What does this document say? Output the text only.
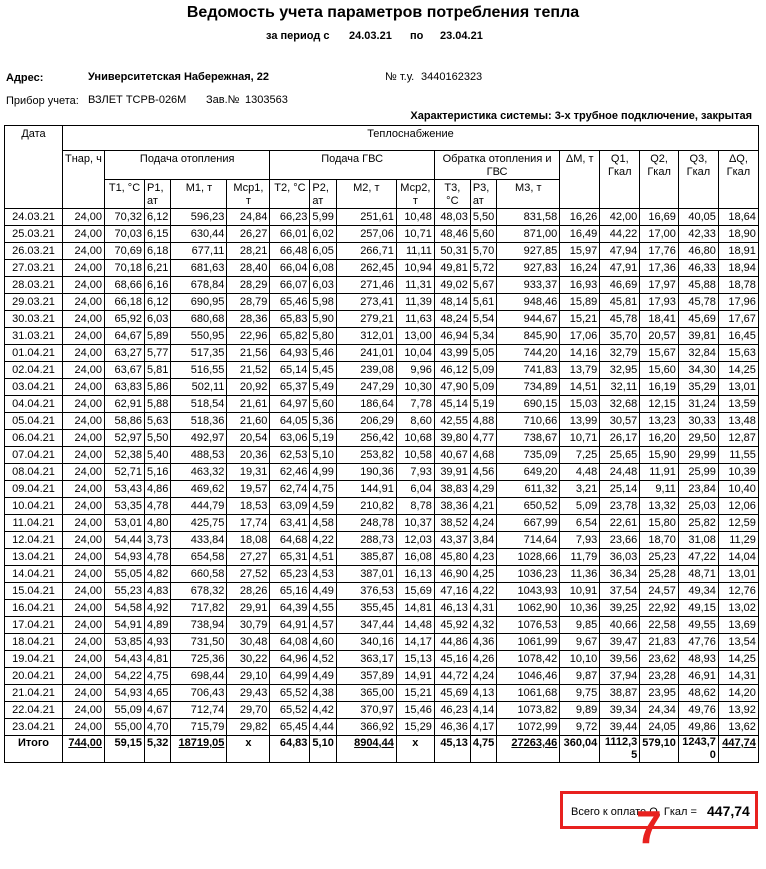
Ведомость учета параметров потребления тепла
за период с 24.03.21 по 23.04.21
Адрес:	Университетская Набережная, 22	№ т.у. 3440162323
Прибор учета: ВЗЛЕТ ТСРВ-026М Зав.№ 1303563
Характеристика системы: 3-х трубное подключение, закрытая
Дата	Теплоснабжение																
	Тнар, ч	Подача отопления				Подача ГВС				Обратка отопления и ГВС			ΔМ, т	Q1, Гкал	Q2, Гкал	Q3, Гкал	ΔQ, Гкал
		Т1, °С	Р1, ат	М1, т	Мср1, т	Т2, °С	Р2, ат	М2, т	Мср2, т	Т3, °С	Р3, ат	М3, т					
24.03.21	24,00	70,32	6,12	596,23	24,84	66,23	5,99	251,61	10,48	48,03	5,50	831,58	16,26	42,00	16,69	40,05	18,64
25.03.21	24,00	70,03	6,15	630,44	26,27	66,01	6,02	257,06	10,71	48,46	5,60	871,00	16,49	44,22	17,00	42,33	18,90
26.03.21	24,00	70,69	6,18	677,11	28,21	66,48	6,05	266,71	11,11	50,31	5,70	927,85	15,97	47,94	17,76	46,80	18,91
27.03.21	24,00	70,18	6,21	681,63	28,40	66,04	6,08	262,45	10,94	49,81	5,72	927,83	16,24	47,91	17,36	46,33	18,94
28.03.21	24,00	68,66	6,16	678,84	28,29	66,07	6,03	271,46	11,31	49,02	5,67	933,37	16,93	46,69	17,97	45,88	18,78
29.03.21	24,00	66,18	6,12	690,95	28,79	65,46	5,98	273,41	11,39	48,14	5,61	948,46	15,89	45,81	17,93	45,78	17,96
30.03.21	24,00	65,92	6,03	680,68	28,36	65,83	5,90	279,21	11,63	48,24	5,54	944,67	15,21	45,78	18,41	45,69	17,67
31.03.21	24,00	64,67	5,89	550,95	22,96	65,82	5,80	312,01	13,00	46,94	5,34	845,90	17,06	35,70	20,57	39,81	16,45
01.04.21	24,00	63,27	5,77	517,35	21,56	64,93	5,46	241,01	10,04	43,99	5,05	744,20	14,16	32,79	15,67	32,84	15,63
02.04.21	24,00	63,67	5,81	516,55	21,52	65,14	5,45	239,08	9,96	46,12	5,09	741,83	13,79	32,95	15,60	34,30	14,25
03.04.21	24,00	63,83	5,86	502,11	20,92	65,37	5,49	247,29	10,30	47,90	5,09	734,89	14,51	32,11	16,19	35,29	13,01
04.04.21	24,00	62,91	5,88	518,54	21,61	64,97	5,60	186,64	7,78	45,14	5,19	690,15	15,03	32,68	12,15	31,24	13,59
05.04.21	24,00	58,86	5,63	518,36	21,60	64,05	5,36	206,29	8,60	42,55	4,88	710,66	13,99	30,57	13,23	30,33	13,48
06.04.21	24,00	52,97	5,50	492,97	20,54	63,06	5,19	256,42	10,68	39,80	4,77	738,67	10,71	26,17	16,20	29,50	12,87
07.04.21	24,00	52,38	5,40	488,53	20,36	62,53	5,10	253,82	10,58	40,67	4,68	735,09	7,25	25,65	15,90	29,99	11,55
08.04.21	24,00	52,71	5,16	463,32	19,31	62,46	4,99	190,36	7,93	39,91	4,56	649,20	4,48	24,48	11,91	25,99	10,39
09.04.21	24,00	53,43	4,86	469,62	19,57	62,74	4,75	144,91	6,04	38,83	4,29	611,32	3,21	25,14	9,11	23,84	10,40
10.04.21	24,00	53,35	4,78	444,79	18,53	63,09	4,59	210,82	8,78	38,36	4,21	650,52	5,09	23,78	13,32	25,03	12,06
11.04.21	24,00	53,01	4,80	425,75	17,74	63,41	4,58	248,78	10,37	38,52	4,24	667,99	6,54	22,61	15,80	25,82	12,59
12.04.21	24,00	54,44	3,73	433,84	18,08	64,68	4,22	288,73	12,03	43,37	3,84	714,64	7,93	23,66	18,70	31,08	11,29
13.04.21	24,00	54,93	4,78	654,58	27,27	65,31	4,51	385,87	16,08	45,80	4,23	1028,66	11,79	36,03	25,23	47,22	14,04
14.04.21	24,00	55,05	4,82	660,58	27,52	65,23	4,53	387,01	16,13	46,90	4,25	1036,23	11,36	36,34	25,28	48,71	13,01
15.04.21	24,00	55,23	4,83	678,32	28,26	65,16	4,49	376,53	15,69	47,16	4,22	1043,93	10,91	37,54	24,57	49,34	12,76
16.04.21	24,00	54,58	4,92	717,82	29,91	64,39	4,55	355,45	14,81	46,13	4,31	1062,90	10,36	39,25	22,92	49,15	13,02
17.04.21	24,00	54,91	4,89	738,94	30,79	64,91	4,57	347,44	14,48	45,92	4,32	1076,53	9,85	40,66	22,58	49,55	13,69
18.04.21	24,00	53,85	4,93	731,50	30,48	64,08	4,60	340,16	14,17	44,86	4,36	1061,99	9,67	39,47	21,83	47,76	13,54
19.04.21	24,00	54,43	4,81	725,36	30,22	64,96	4,52	363,17	15,13	45,16	4,26	1078,42	10,10	39,56	23,62	48,93	14,25
20.04.21	24,00	54,22	4,75	698,44	29,10	64,99	4,49	357,89	14,91	44,72	4,24	1046,46	9,87	37,94	23,28	46,91	14,31
21.04.21	24,00	54,93	4,65	706,43	29,43	65,52	4,38	365,00	15,21	45,69	4,13	1061,68	9,75	38,87	23,95	48,62	14,20
22.04.21	24,00	55,09	4,67	712,74	29,70	65,52	4,42	370,97	15,46	46,23	4,14	1073,82	9,89	39,34	24,34	49,76	13,92
23.04.21	24,00	55,00	4,70	715,79	29,82	65,45	4,44	366,92	15,29	46,36	4,17	1072,99	9,72	39,44	24,05	49,86	13,62
Итого	744,00	59,15	5,32	18719,05	x	64,83	5,10	8904,44	x	45,13	4,75	27263,46	360,04	1112,35	579,10	1243,70	447,74
Всего к оплате Q, Гкал = 447,74
7
